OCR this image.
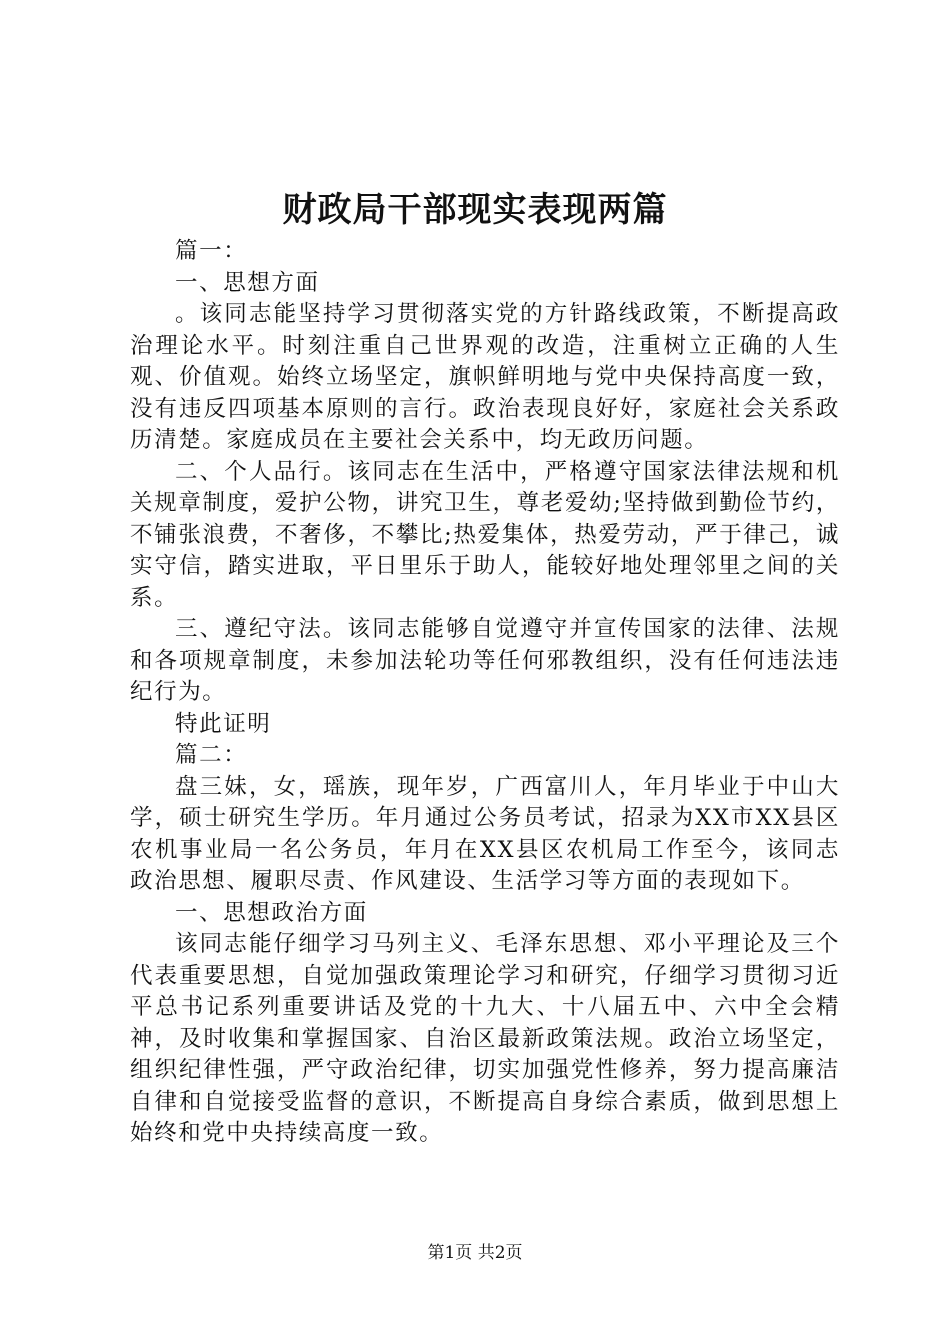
财政局干部现实表现两篇

篇一：

一、思想方面

。该同志能坚持学习贯彻落实党的方针路线政策，不断提高政治理论水平。时刻注重自己世界观的改造，注重树立正确的人生观、价值观。始终立场坚定，旗帜鲜明地与党中央保持高度一致，没有违反四项基本原则的言行。政治表现良好好，家庭社会关系政历清楚。家庭成员在主要社会关系中，均无政历问题。

二、个人品行。该同志在生活中，严格遵守国家法律法规和机关规章制度，爱护公物，讲究卫生，尊老爱幼;坚持做到勤俭节约，不铺张浪费，不奢侈，不攀比;热爱集体，热爱劳动，严于律己，诚实守信，踏实进取，平日里乐于助人，能较好地处理邻里之间的关系。

三、遵纪守法。该同志能够自觉遵守并宣传国家的法律、法规和各项规章制度，未参加法轮功等任何邪教组织，没有任何违法违纪行为。

特此证明

篇二：

盘三妹，女，瑶族，现年岁，广西富川人，年月毕业于中山大学，硕士研究生学历。年月通过公务员考试，招录为XX市XX县区农机事业局一名公务员，年月在XX县区农机局工作至今，该同志政治思想、履职尽责、作风建设、生活学习等方面的表现如下。

一、思想政治方面

该同志能仔细学习马列主义、毛泽东思想、邓小平理论及三个代表重要思想，自觉加强政策理论学习和研究，仔细学习贯彻习近平总书记系列重要讲话及党的十九大、十八届五中、六中全会精神，及时收集和掌握国家、自治区最新政策法规。政治立场坚定，组织纪律性强，严守政治纪律，切实加强党性修养，努力提高廉洁自律和自觉接受监督的意识，不断提高自身综合素质，做到思想上始终和党中央持续高度一致。

第1页 共2页
